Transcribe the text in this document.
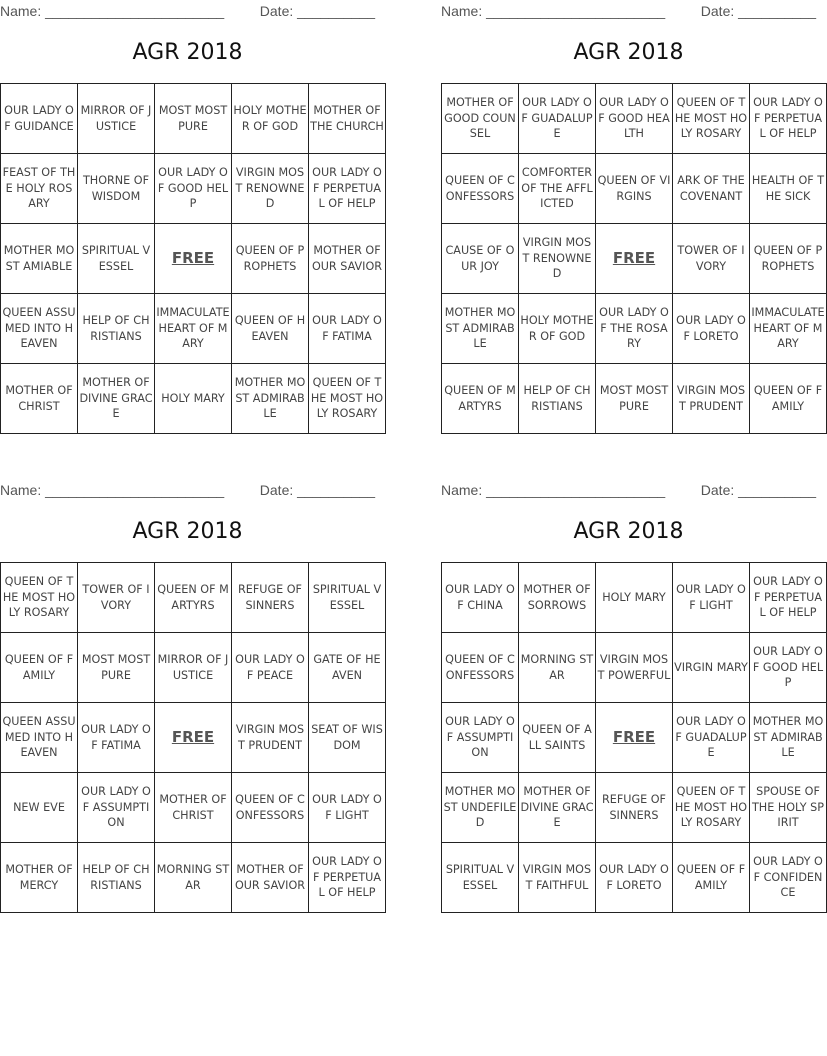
Name: _______________________	Date: __________
AGR 2018
OUR LADY OF GUIDANCE	MIRROR OF JUSTICE	MOST MOST PURE	HOLY MOTHER OF GOD	MOTHER OF THE CHURCH
FEAST OF THE HOLY ROSARY	THORNE OF WISDOM	OUR LADY OF GOOD HELP	VIRGIN MOST RENOWNED	OUR LADY OF PERPETUAL OF HELP
MOTHER MOST AMIABLE	SPIRITUAL VESSEL	FREE	QUEEN OF PROPHETS	MOTHER OF OUR SAVIOR
QUEEN ASSUMED INTO HEAVEN	HELP OF CHRISTIANS	IMMACULATE HEART OF MARY	QUEEN OF HEAVEN	OUR LADY OF FATIMA
MOTHER OF CHRIST	MOTHER OF DIVINE GRACE	HOLY MARY	MOTHER MOST ADMIRABLE	QUEEN OF THE MOST HOLY ROSARY
Name: _______________________	Date: __________
AGR 2018
MOTHER OF GOOD COUNSEL	OUR LADY OF GUADALUPE	OUR LADY OF GOOD HEALTH	QUEEN OF THE MOST HOLY ROSARY	OUR LADY OF PERPETUAL OF HELP
QUEEN OF CONFESSORS	COMFORTER OF THE AFFLICTED	QUEEN OF VIRGINS	ARK OF THE COVENANT	HEALTH OF THE SICK
CAUSE OF OUR JOY	VIRGIN MOST RENOWNED	FREE	TOWER OF IVORY	QUEEN OF PROPHETS
MOTHER MOST ADMIRABLE	HOLY MOTHER OF GOD	OUR LADY OF THE ROSARY	OUR LADY OF LORETO	IMMACULATE HEART OF MARY
QUEEN OF MARTYRS	HELP OF CHRISTIANS	MOST MOST PURE	VIRGIN MOST PRUDENT	QUEEN OF FAMILY
Name: _______________________	Date: __________
AGR 2018
QUEEN OF THE MOST HOLY ROSARY	TOWER OF IVORY	QUEEN OF MARTYRS	REFUGE OF SINNERS	SPIRITUAL VESSEL
QUEEN OF FAMILY	MOST MOST PURE	MIRROR OF JUSTICE	OUR LADY OF PEACE	GATE OF HEAVEN
QUEEN ASSUMED INTO HEAVEN	OUR LADY OF FATIMA	FREE	VIRGIN MOST PRUDENT	SEAT OF WISDOM
NEW EVE	OUR LADY OF ASSUMPTION	MOTHER OF CHRIST	QUEEN OF CONFESSORS	OUR LADY OF LIGHT
MOTHER OF MERCY	HELP OF CHRISTIANS	MORNING STAR	MOTHER OF OUR SAVIOR	OUR LADY OF PERPETUAL OF HELP
Name: _______________________	Date: __________
AGR 2018
OUR LADY OF CHINA	MOTHER OF SORROWS	HOLY MARY	OUR LADY OF LIGHT	OUR LADY OF PERPETUAL OF HELP
QUEEN OF CONFESSORS	MORNING STAR	VIRGIN MOST POWERFUL	VIRGIN MARY	OUR LADY OF GOOD HELP
OUR LADY OF ASSUMPTION	QUEEN OF ALL SAINTS	FREE	OUR LADY OF GUADALUPE	MOTHER MOST ADMIRABLE
MOTHER MOST UNDEFILED	MOTHER OF DIVINE GRACE	REFUGE OF SINNERS	QUEEN OF THE MOST HOLY ROSARY	SPOUSE OF THE HOLY SPIRIT
SPIRITUAL VESSEL	VIRGIN MOST FAITHFUL	OUR LADY OF LORETO	QUEEN OF FAMILY	OUR LADY OF CONFIDENCE
